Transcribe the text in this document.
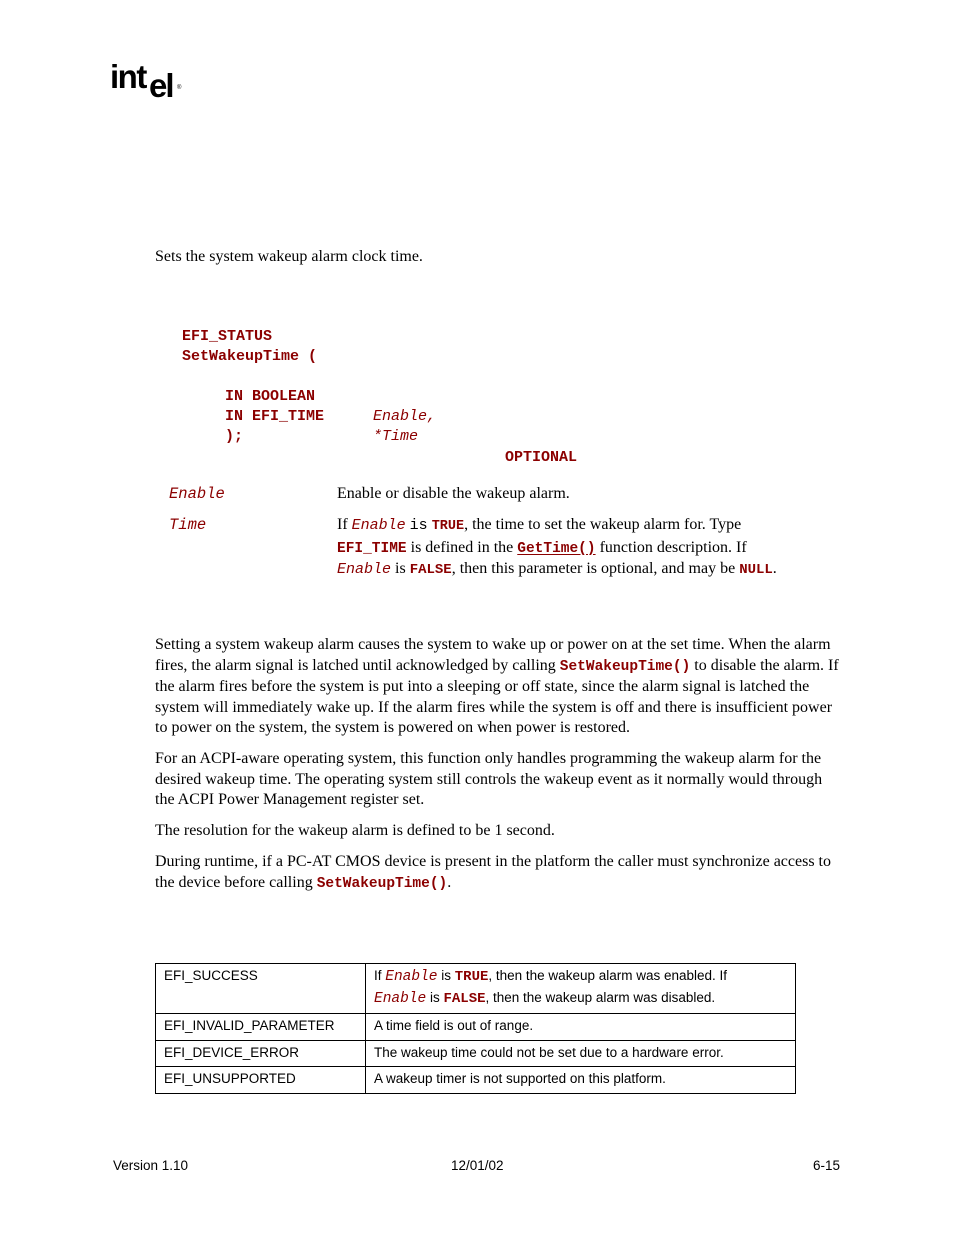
int el ®
Sets the system wakeup alarm clock time.
EFI_STATUS
SetWakeupTime (

IN BOOLEAN

Enable,

IN EFI_TIME

*Time

OPTIONAL

);

Enable	Enable or disable the wakeup alarm.
Time	If Enable is TRUE, the time to set the wakeup alarm for. Type
EFI_TIME is defined in the GetTime() function description. If
Enable is FALSE, then this parameter is optional, and may be NULL.

Setting a system wakeup alarm causes the system to wake up or power on at the set time. When the alarm fires, the alarm signal is latched until acknowledged by calling SetWakeupTime() to disable the alarm. If the alarm fires before the system is put into a sleeping or off state, since the alarm signal is latched the system will immediately wake up. If the alarm fires while the system is off and there is insufficient power to power on the system, the system is powered on when power is restored.

For an ACPI-aware operating system, this function only handles programming the wakeup alarm for the desired wakeup time. The operating system still controls the wakeup event as it normally would through the ACPI Power Management register set.

The resolution for the wakeup alarm is defined to be 1 second.

During runtime, if a PC-AT CMOS device is present in the platform the caller must synchronize access to the device before calling SetWakeupTime().

EFI_SUCCESS	If Enable is TRUE, then the wakeup alarm was enabled. If
Enable is FALSE, then the wakeup alarm was disabled.

EFI_INVALID_PARAMETER	A time field is out of range.
EFI_DEVICE_ERROR	The wakeup time could not be set due to a hardware error.
EFI_UNSUPPORTED	A wakeup timer is not supported on this platform.
Version 1.10	12/01/02	6-15
